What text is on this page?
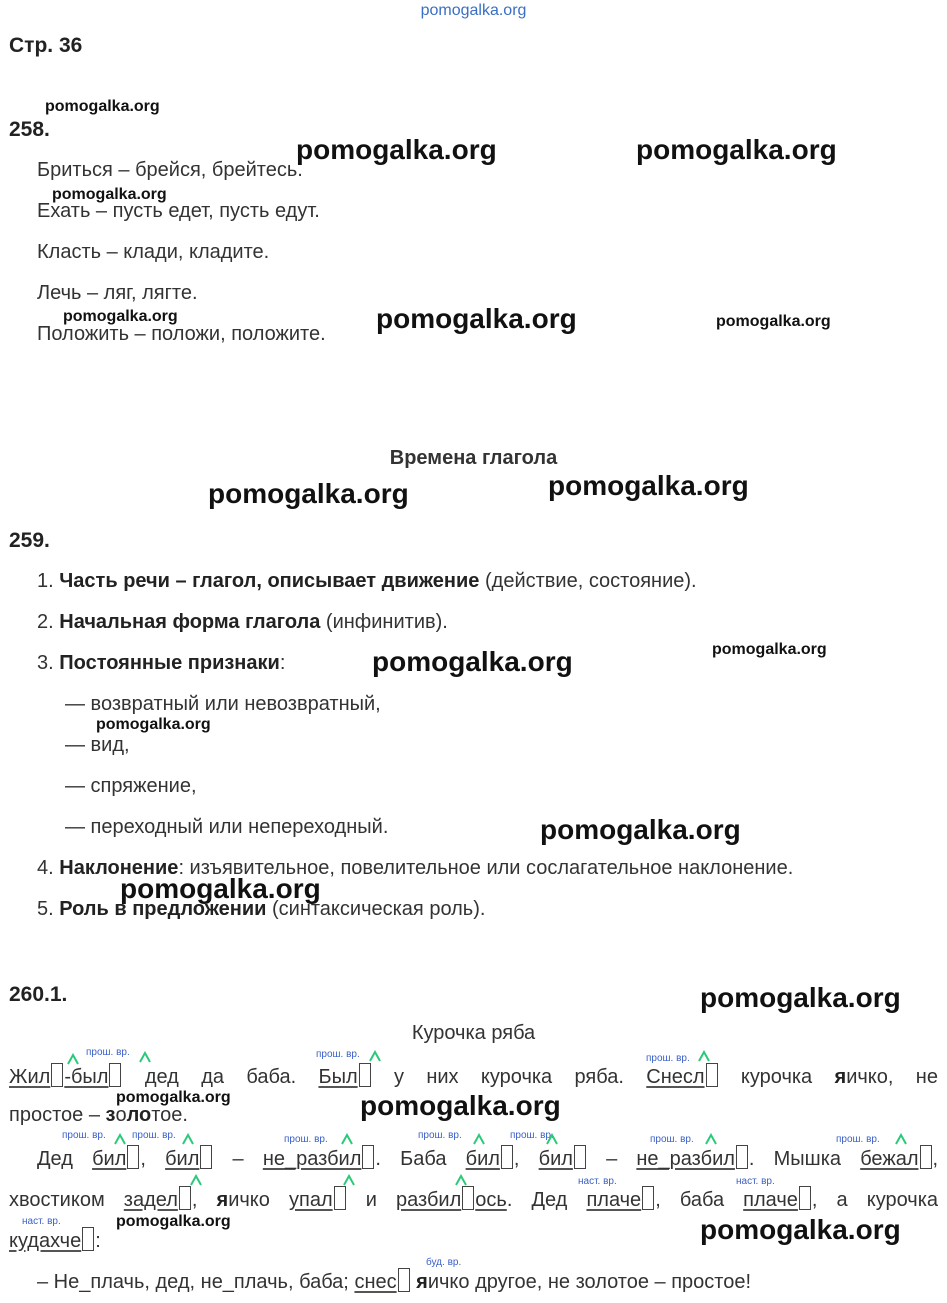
pomogalka.org
Стр. 36
258.
Бриться – брейся, брейтесь.
Ехать – пусть едет, пусть едут.
Класть – клади, кладите.
Лечь – ляг, лягте.
Положить – положи, положите.
Времена глагола
259.
1. Часть речи – глагол, описывает движение (действие, состояние).
2. Начальная форма глагола (инфинитив).
3. Постоянные признаки:
— возвратный или невозвратный,
— вид,
— спряжение,
— переходный или непереходный.
4. Наклонение: изъявительное, повелительное или сослагательное наклонение.
5. Роль в предложении (синтаксическая роль).
260.1.
Курочка ряба
Жил -был дед да баба. Был у них курочка ряба. Снесл курочка яичко, не
простое – золотое.
Дед бил , бил – не_разбил . Баба бил , бил – не_разбил . Мышка бежал ,
хвостиком задел , яичко упал и разбил ось. Дед плаче , баба плаче , а курочка
кудахче :
– Не_плачь, дед, не_плачь, баба; снес яичко другое, не золотое – простое!
прош. вр.	прош. вр.	прош. вр.
прош. вр.	прош. вр.	прош. вр.	прош. вр.	прош. вр.	прош. вр.	прош. вр.
наст. вр.	наст. вр.
наст. вр.
буд. вр.
pomogalka.org
pomogalka.org	pomogalka.org
pomogalka.org
pomogalka.org	pomogalka.org	pomogalka.org
pomogalka.org	pomogalka.org
pomogalka.org	pomogalka.org
pomogalka.org
pomogalka.org
pomogalka.org
pomogalka.org
pomogalka.org	pomogalka.org
pomogalka.org	pomogalka.org
